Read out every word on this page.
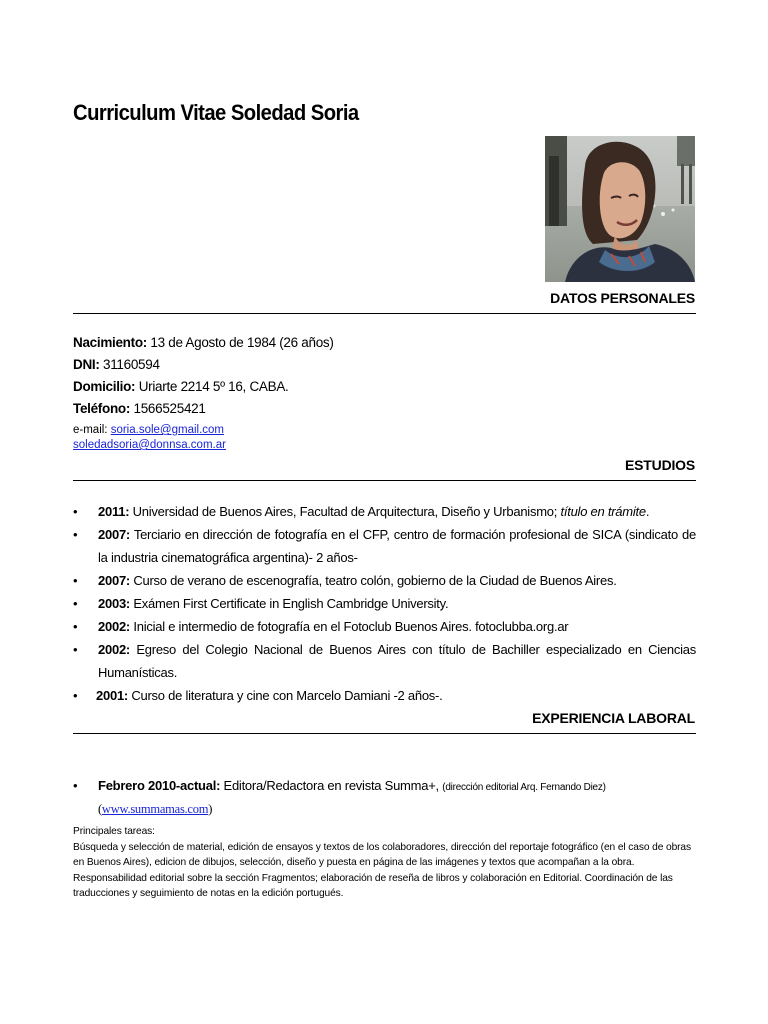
Curriculum Vitae Soledad Soria
DATOS PERSONALES
Nacimiento: 13 de Agosto de 1984 (26 años)
DNI: 31160594
Domicilio: Uriarte 2214 5º 16, CABA.
Teléfono: 1566525421
e-mail: soria.sole@gmail.com
soledadsoria@donnsa.com.ar
ESTUDIOS
• 2011: Universidad de Buenos Aires, Facultad de Arquitectura, Diseño y Urbanismo; título en trámite.
• 2007: Terciario en dirección de fotografía en el CFP, centro de formación profesional de SICA (sindicato de la industria cinematográfica argentina)- 2 años-
• 2007: Curso de verano de escenografía, teatro colón, gobierno de la Ciudad de Buenos Aires.
• 2003: Exámen First Certificate in English Cambridge University.
• 2002: Inicial e intermedio de fotografía en el Fotoclub Buenos Aires. fotoclubba.org.ar
• 2002: Egreso del Colegio Nacional de Buenos Aires con título de Bachiller especializado en Ciencias Humanísticas.
• 2001: Curso de literatura y cine con Marcelo Damiani -2 años-.
EXPERIENCIA LABORAL
• Febrero 2010-actual: Editora/Redactora en revista Summa+, (dirección editorial Arq. Fernando Diez)
(www.summamas.com)

Principales tareas:

Búsqueda y selección de material, edición de ensayos y textos de los colaboradores, dirección del reportaje fotográfico (en el caso de obras en Buenos Aires), edicion de dibujos, selección, diseño y puesta en página de las imágenes y textos que acompañan a la obra.

Responsabilidad editorial sobre la sección Fragmentos; elaboración de reseña de libros y colaboración en Editorial. Coordinación de las traducciones y seguimiento de notas en la edición portugués.
